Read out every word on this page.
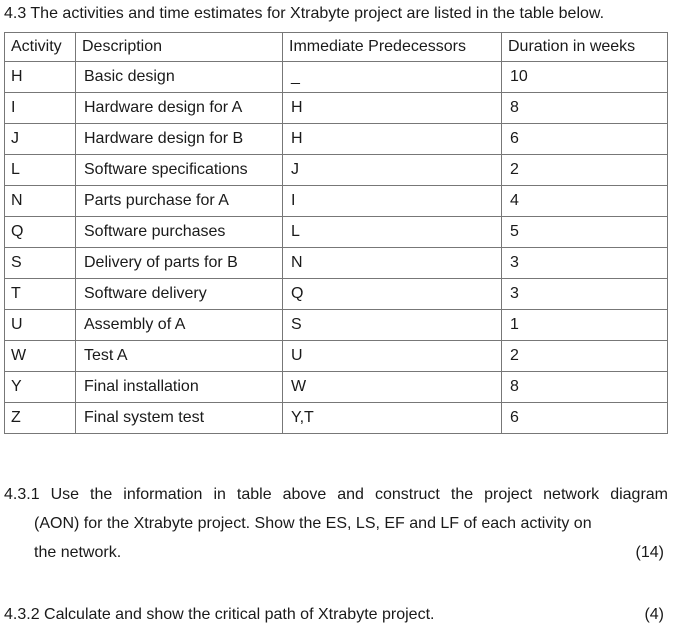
4.3 The activities and time estimates for Xtrabyte project are listed in the table below.
Activity	Description	Immediate Predecessors	Duration in weeks
H	Basic design	_	10
I	Hardware design for A	H	8
J	Hardware design for B	H	6
L	Software specifications	J	2
N	Parts purchase for A	I	4
Q	Software purchases	L	5
S	Delivery of parts for B	N	3
T	Software delivery	Q	3
U	Assembly of A	S	1
W	Test A	U	2
Y	Final installation	W	8
Z	Final system test	Y,T	6
4.3.1 Use the information in table above and construct the project network diagram
(AON) for the Xtrabyte project. Show the ES, LS, EF and LF of each activity on
the network.	(14)
4.3.2 Calculate and show the critical path of Xtrabyte project.	(4)
